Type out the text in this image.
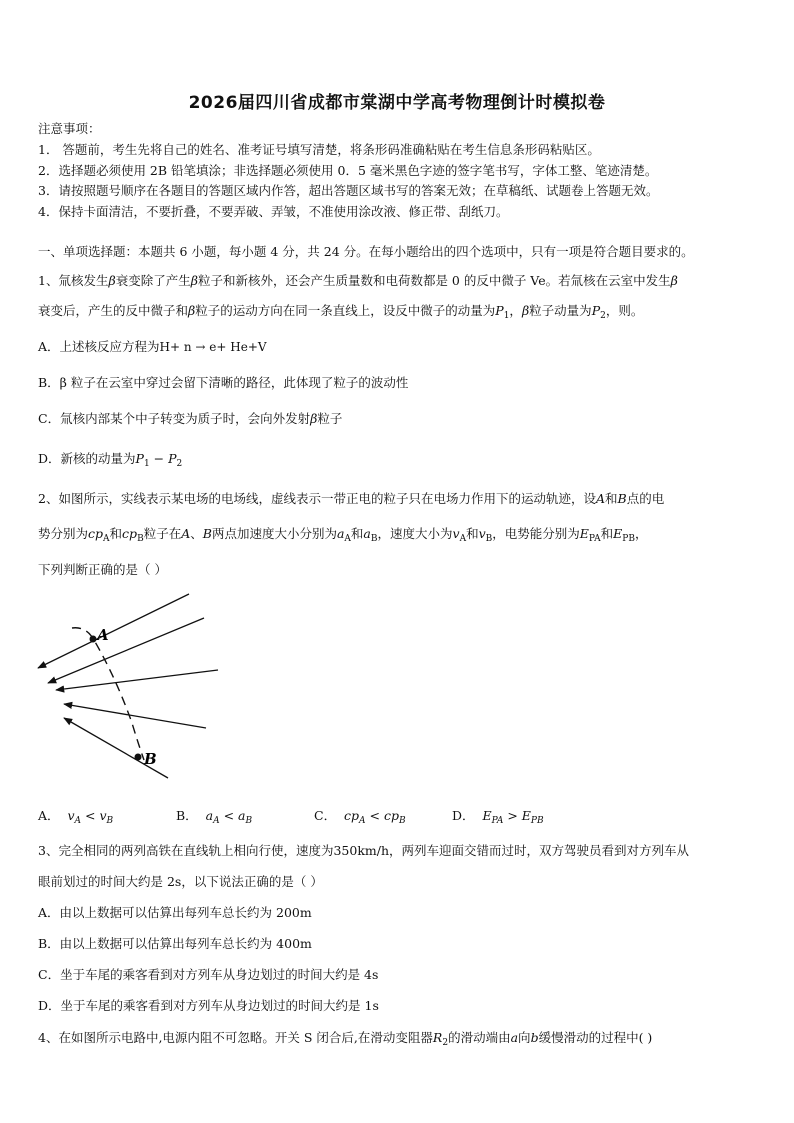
2026届四川省成都市棠湖中学高考物理倒计时模拟卷
注意事项：
1． 答题前，考生先将自己的姓名、准考证号填写清楚，将条形码准确粘贴在考生信息条形码粘贴区。
2．选择题必须使用 2B 铅笔填涂；非选择题必须使用 0．5 毫米黑色字迹的签字笔书写，字体工整、笔迹清楚。
3．请按照题号顺序在各题目的答题区域内作答，超出答题区域书写的答案无效；在草稿纸、试题卷上答题无效。
4．保持卡面清洁，不要折叠，不要弄破、弄皱，不准使用涂改液、修正带、刮纸刀。
一、单项选择题：本题共 6 小题，每小题 4 分，共 24 分。在每小题给出的四个选项中，只有一项是符合题目要求的。
1、氚核发生β衰变除了产生β粒子和新核外，还会产生质量数和电荷数都是 0 的反中微子 Ve。若氚核在云室中发生β
衰变后，产生的反中微子和β粒子的运动方向在同一条直线上，设反中微子的动量为$P_1$，β粒子动量为$P_2$，则。
A．上述核反应方程为H+ n → e+ He+V
B．β 粒子在云室中穿过会留下清晰的路径，此体现了粒子的波动性
C．氚核内部某个中子转变为质子时，会向外发射β粒子
D．新核的动量为$P_1 - P_2$
2、如图所示，实线表示某电场的电场线，虚线表示一带正电的粒子只在电场力作用下的运动轨迹，设A和B点的电
势分别为$cp_A$和$cp_B$粒子在A、B两点加速度大小分别为$a_A$和$a_B$，速度大小为$v_A$和$v_B$，电势能分别为$E_{PA}$和$E_{PB}$，
下列判断正确的是（ ）
A
B
A． $v_A < v_B$	B． $a_A < a_B$	C． $cp_A < cp_B$	D． $E_{PA} > E_{PB}$
3、完全相同的两列高铁在直线轨上相向行使，速度为350km/h，两列车迎面交错而过时，双方驾驶员看到对方列车从
眼前划过的时间大约是 2s，以下说法正确的是（ ）
A．由以上数据可以估算出每列车总长约为 200m
B．由以上数据可以估算出每列车总长约为 400m
C．坐于车尾的乘客看到对方列车从身边划过的时间大约是 4s
D．坐于车尾的乘客看到对方列车从身边划过的时间大约是 1s
4、在如图所示电路中,电源内阻不可忽略。开关 S 闭合后,在滑动变阻器$R_2$的滑动端由a向b缓慢滑动的过程中( )
